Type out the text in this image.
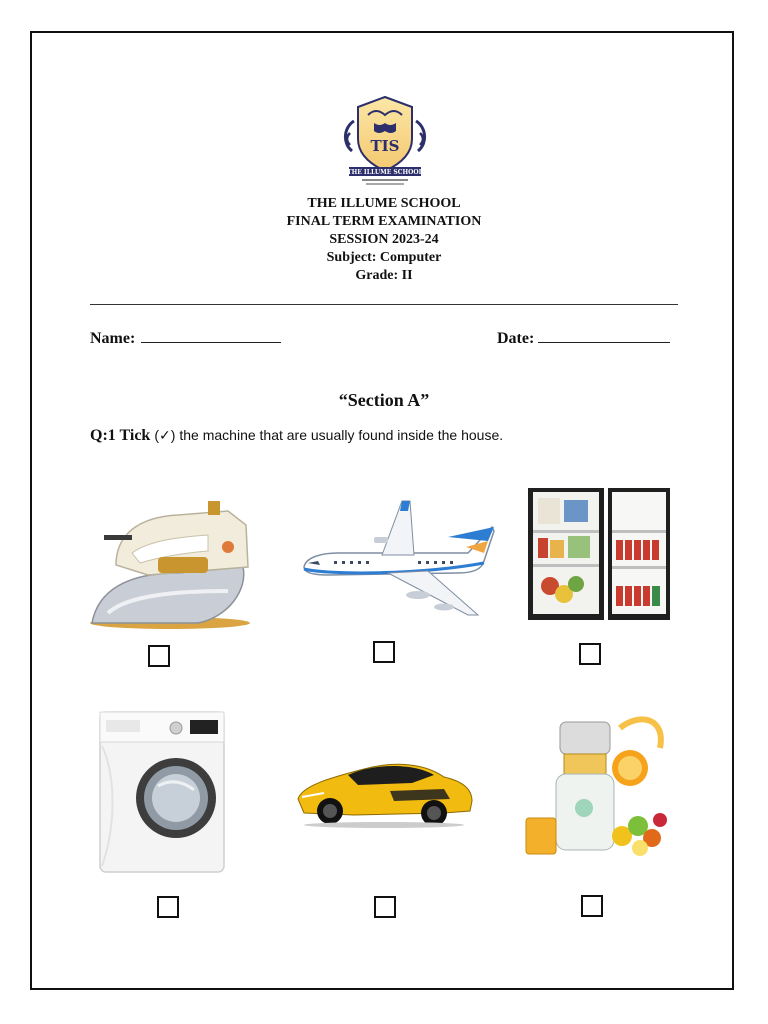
TIS
THE ILLUME SCHOOL
THE ILLUME SCHOOL
FINAL TERM EXAMINATION
SESSION 2023-24
Subject: Computer
Grade: II
Name:	Date:
“Section A”
Q:1 Tick (✓) the machine that are usually found inside the house.
